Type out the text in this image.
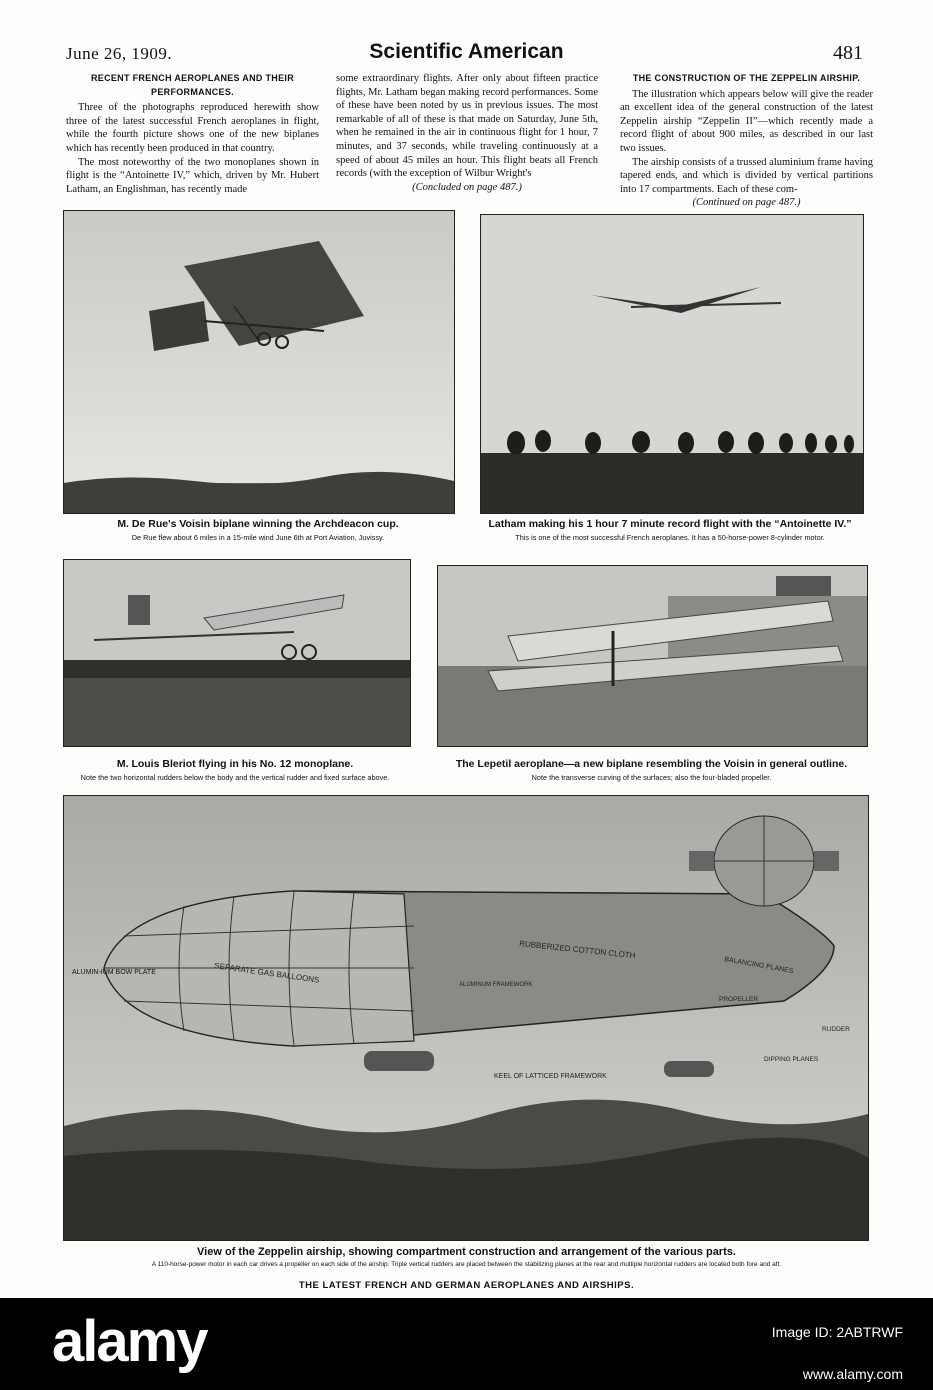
June 26, 1909.	Scientific American	481
RECENT FRENCH AEROPLANES AND THEIR PERFORMANCES.

Three of the photographs reproduced herewith show three of the latest successful French aeroplanes in flight, while the fourth picture shows one of the new biplanes which has recently been produced in that country.

The most noteworthy of the two monoplanes shown in flight is the “Antoinette IV,” which, driven by Mr. Hubert Latham, an Englishman, has recently made

some extraordinary flights. After only about fifteen practice flights, Mr. Latham began making record performances. Some of these have been noted by us in previous issues. The most remarkable of all of these is that made on Saturday, June 5th, when he remained in the air in continuous flight for 1 hour, 7 minutes, and 37 seconds, while traveling continuously at a speed of about 45 miles an hour. This flight beats all French records (with the exception of Wilbur Wright's

(Concluded on page 487.)

THE CONSTRUCTION OF THE ZEPPELIN AIRSHIP.

The illustration which appears below will give the reader an excellent idea of the general construction of the latest Zeppelin airship “Zeppelin II”—which recently made a record flight of about 900 miles, as described in our last two issues.

The airship consists of a trussed aluminium frame having tapered ends, and which is divided by vertical partitions into 17 compartments. Each of these com-

(Continued on page 487.)

M. De Rue's Voisin biplane winning the Archdeacon cup.
De Rue flew about 6 miles in a 15-mile wind June 6th at Port Aviation, Juvissy.
Latham making his 1 hour 7 minute record flight with the “Antoinette IV.”
This is one of the most successful French aeroplanes. It has a 50-horse-power 8-cylinder motor.
M. Louis Bleriot flying in his No. 12 monoplane.
Note the two horizontal rudders below the body and the vertical rudder and fixed surface above.
The Lepetil aeroplane—a new biplane resembling the Voisin in general outline.
Note the transverse curving of the surfaces; also the four-bladed propeller.
ALUMIN-IUM BOW PLATE	SEPARATE GAS BALLOONS
RUBBERIZED COTTON CLOTH
ALUMINUM FRAMEWORK
BALANCING PLANES
PROPELLER
RUDDER
DIPPING PLANES
KEEL OF LATTICED FRAMEWORK
View of the Zeppelin airship, showing compartment construction and arrangement of the various parts.
A 110-horse-power motor in each car drives a propeller on each side of the airship. Triple vertical rudders are placed between the stabilizing planes at the rear and multiple horizontal rudders are located both fore and aft.
THE LATEST FRENCH AND GERMAN AEROPLANES AND AIRSHIPS.
alamy	Image ID: 2ABTRWF
www.alamy.com
